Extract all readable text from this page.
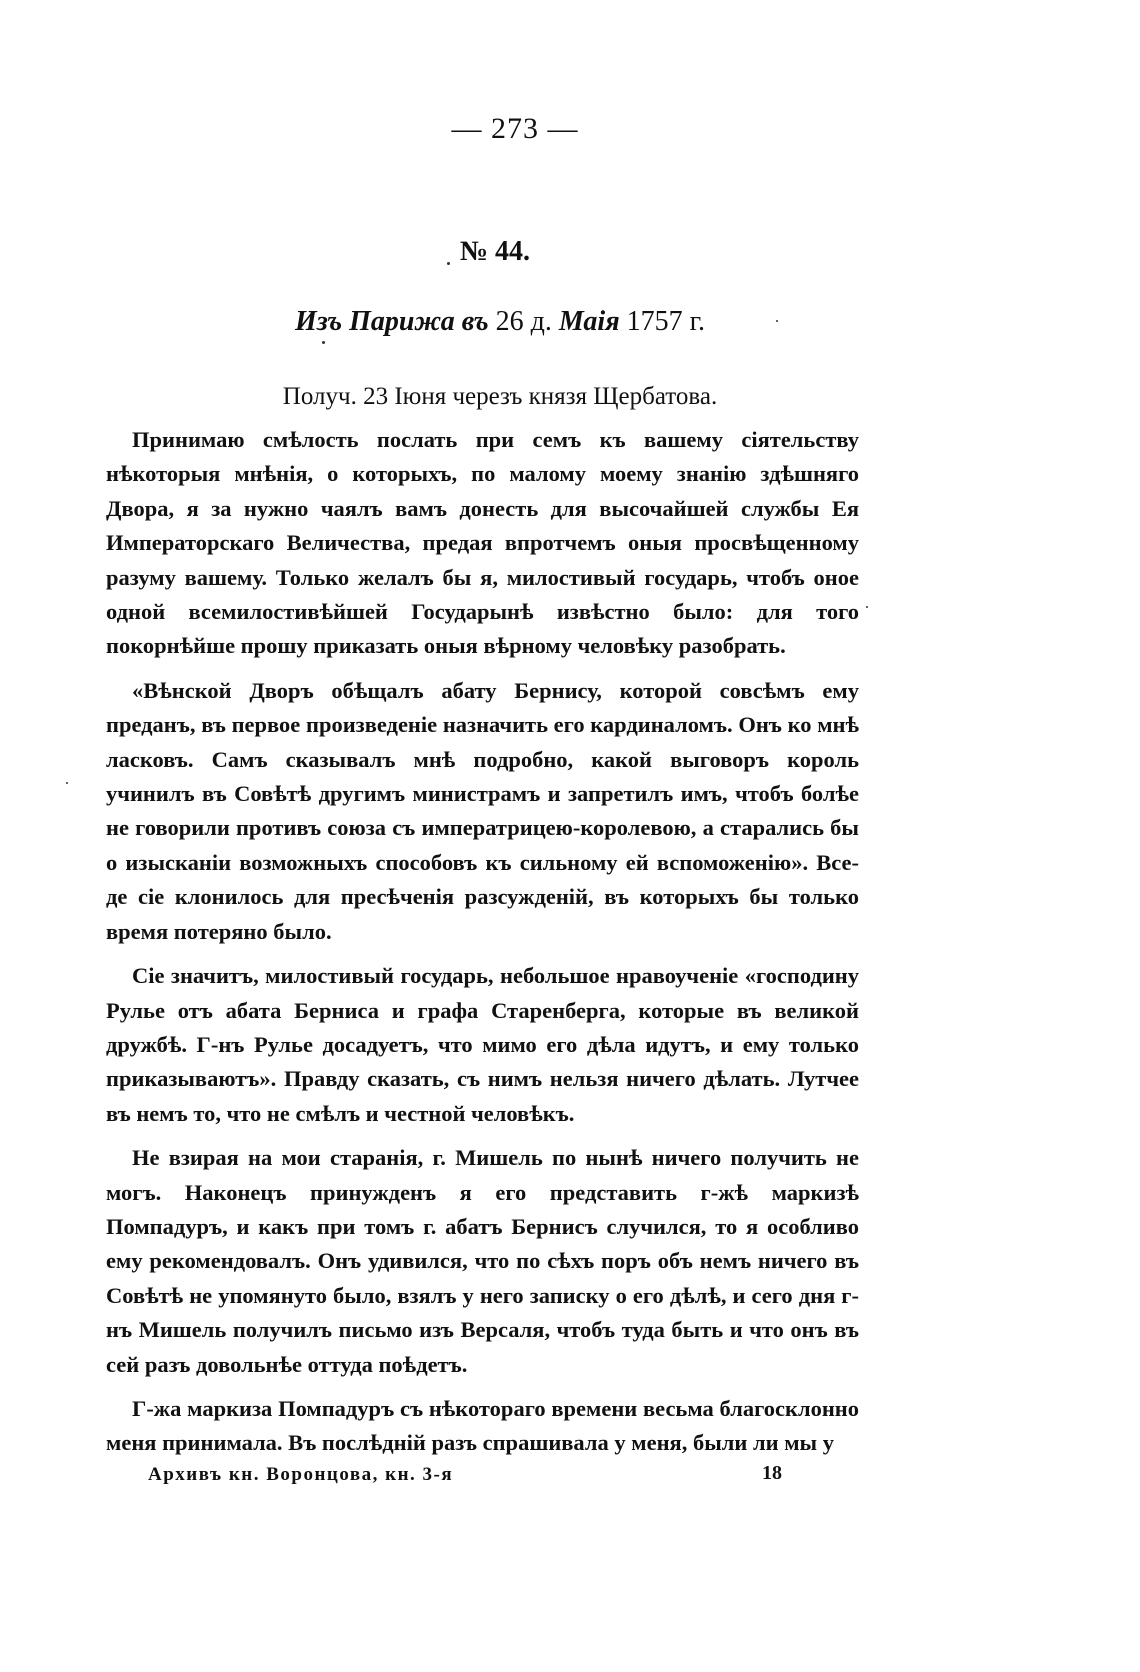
— 273 —
№ 44.
Изъ Парижа въ 26 д. Маія 1757 г.
Получ. 23 Іюня черезъ князя Щербатова.

Принимаю смѣлость послать при семъ къ вашему сіятельству нѣкоторыя мнѣнія, о которыхъ, по малому моему знанію здѣшняго Двора, я за нужно чаялъ вамъ донесть для высочайшей службы Ея Императорскаго Величества, предая впротчемъ оныя просвѣщенному разуму вашему. Только желалъ бы я, милостивый государь, чтобъ оное одной всемилостивѣйшей Государынѣ извѣстно было: для того покорнѣйше прошу приказать оныя вѣрному человѣку разобрать.

«Вѣнской Дворъ обѣщалъ абату Бернису, которой совсѣмъ ему преданъ, въ первое произведеніе назначить его кардиналомъ. Онъ ко мнѣ ласковъ. Самъ сказывалъ мнѣ подробно, какой выговоръ король учинилъ въ Совѣтѣ другимъ министрамъ и запретилъ имъ, чтобъ болѣе не говорили противъ союза съ императрицею-королевою, а старались бы о изысканіи возможныхъ способовъ къ сильному ей вспоможенію». Все-де сіе клонилось для пресѣченія разсужденій, въ которыхъ бы только время потеряно было.

Сіе значитъ, милостивый государь, небольшое нравоученіе «господину Рулье отъ абата Берниса и графа Старенберга, которые въ великой дружбѣ. Г-нъ Рулье досадуетъ, что мимо его дѣла идутъ, и ему только приказываютъ». Правду сказать, съ нимъ нельзя ничего дѣлать. Лутчее въ немъ то, что не смѣлъ и честной человѣкъ.

Не взирая на мои старанія, г. Мишель по нынѣ ничего получить не могъ. Наконецъ принужденъ я его представить г-жѣ маркизѣ Помпадуръ, и какъ при томъ г. абатъ Бернисъ случился, то я особливо ему рекомендовалъ. Онъ удивился, что по сѣхъ поръ объ немъ ничего въ Совѣтѣ не упомянуто было, взялъ у него записку о его дѣлѣ, и сего дня г-нъ Мишель получилъ письмо изъ Версаля, чтобъ туда быть и что онъ въ сей разъ довольнѣе оттуда поѣдетъ.

Г-жа маркиза Помпадуръ съ нѣкотораго времени весьма благосклонно меня принимала. Въ послѣдній разъ спрашивала у меня, были ли мы у

Архивъ кн. Воронцова, кн. 3-я	18
